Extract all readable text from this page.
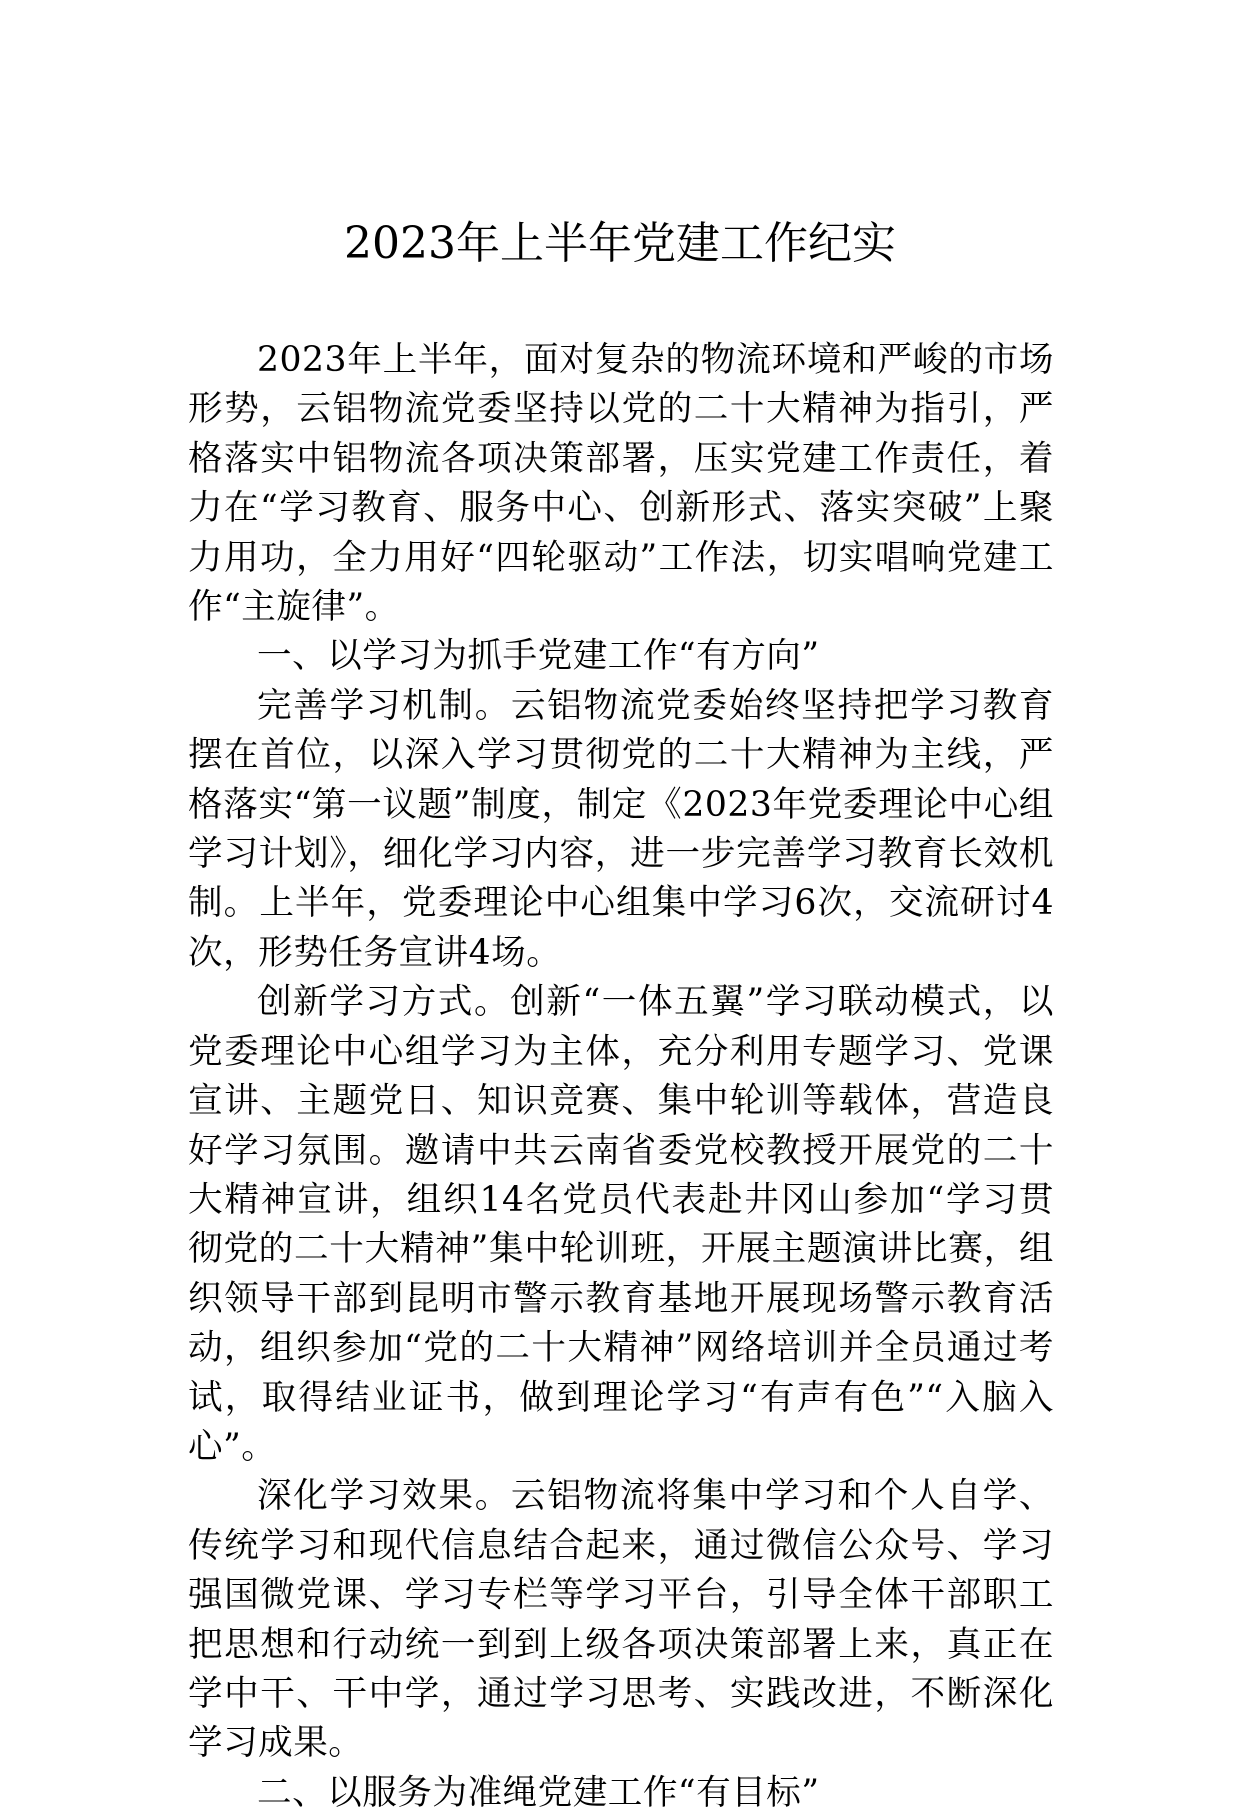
2023年上半年党建工作纪实

2023年上半年，面对复杂的物流环境和严峻的市场形势，云铝物流党委坚持以党的二十大精神为指引，严格落实中铝物流各项决策部署，压实党建工作责任，着力在“学习教育、服务中心、创新形式、落实突破”上聚力用功，全力用好“四轮驱动”工作法，切实唱响党建工作“主旋律”。

一、以学习为抓手党建工作“有方向”

完善学习机制。云铝物流党委始终坚持把学习教育摆在首位，以深入学习贯彻党的二十大精神为主线，严格落实“第一议题”制度，制定《2023年党委理论中心组学习计划》，细化学习内容，进一步完善学习教育长效机制。上半年，党委理论中心组集中学习6次，交流研讨4次，形势任务宣讲4场。

创新学习方式。创新“一体五翼”学习联动模式，以党委理论中心组学习为主体，充分利用专题学习、党课宣讲、主题党日、知识竞赛、集中轮训等载体，营造良好学习氛围。邀请中共云南省委党校教授开展党的二十大精神宣讲，组织14名党员代表赴井冈山参加“学习贯彻党的二十大精神”集中轮训班，开展主题演讲比赛，组织领导干部到昆明市警示教育基地开展现场警示教育活动，组织参加“党的二十大精神”网络培训并全员通过考试，取得结业证书，做到理论学习“有声有色”“入脑入心”。

深化学习效果。云铝物流将集中学习和个人自学、传统学习和现代信息结合起来，通过微信公众号、学习强国微党课、学习专栏等学习平台，引导全体干部职工把思想和行动统一到到上级各项决策部署上来，真正在学中干、干中学，通过学习思考、实践改进，不断深化学习成果。

二、以服务为准绳党建工作“有目标”
